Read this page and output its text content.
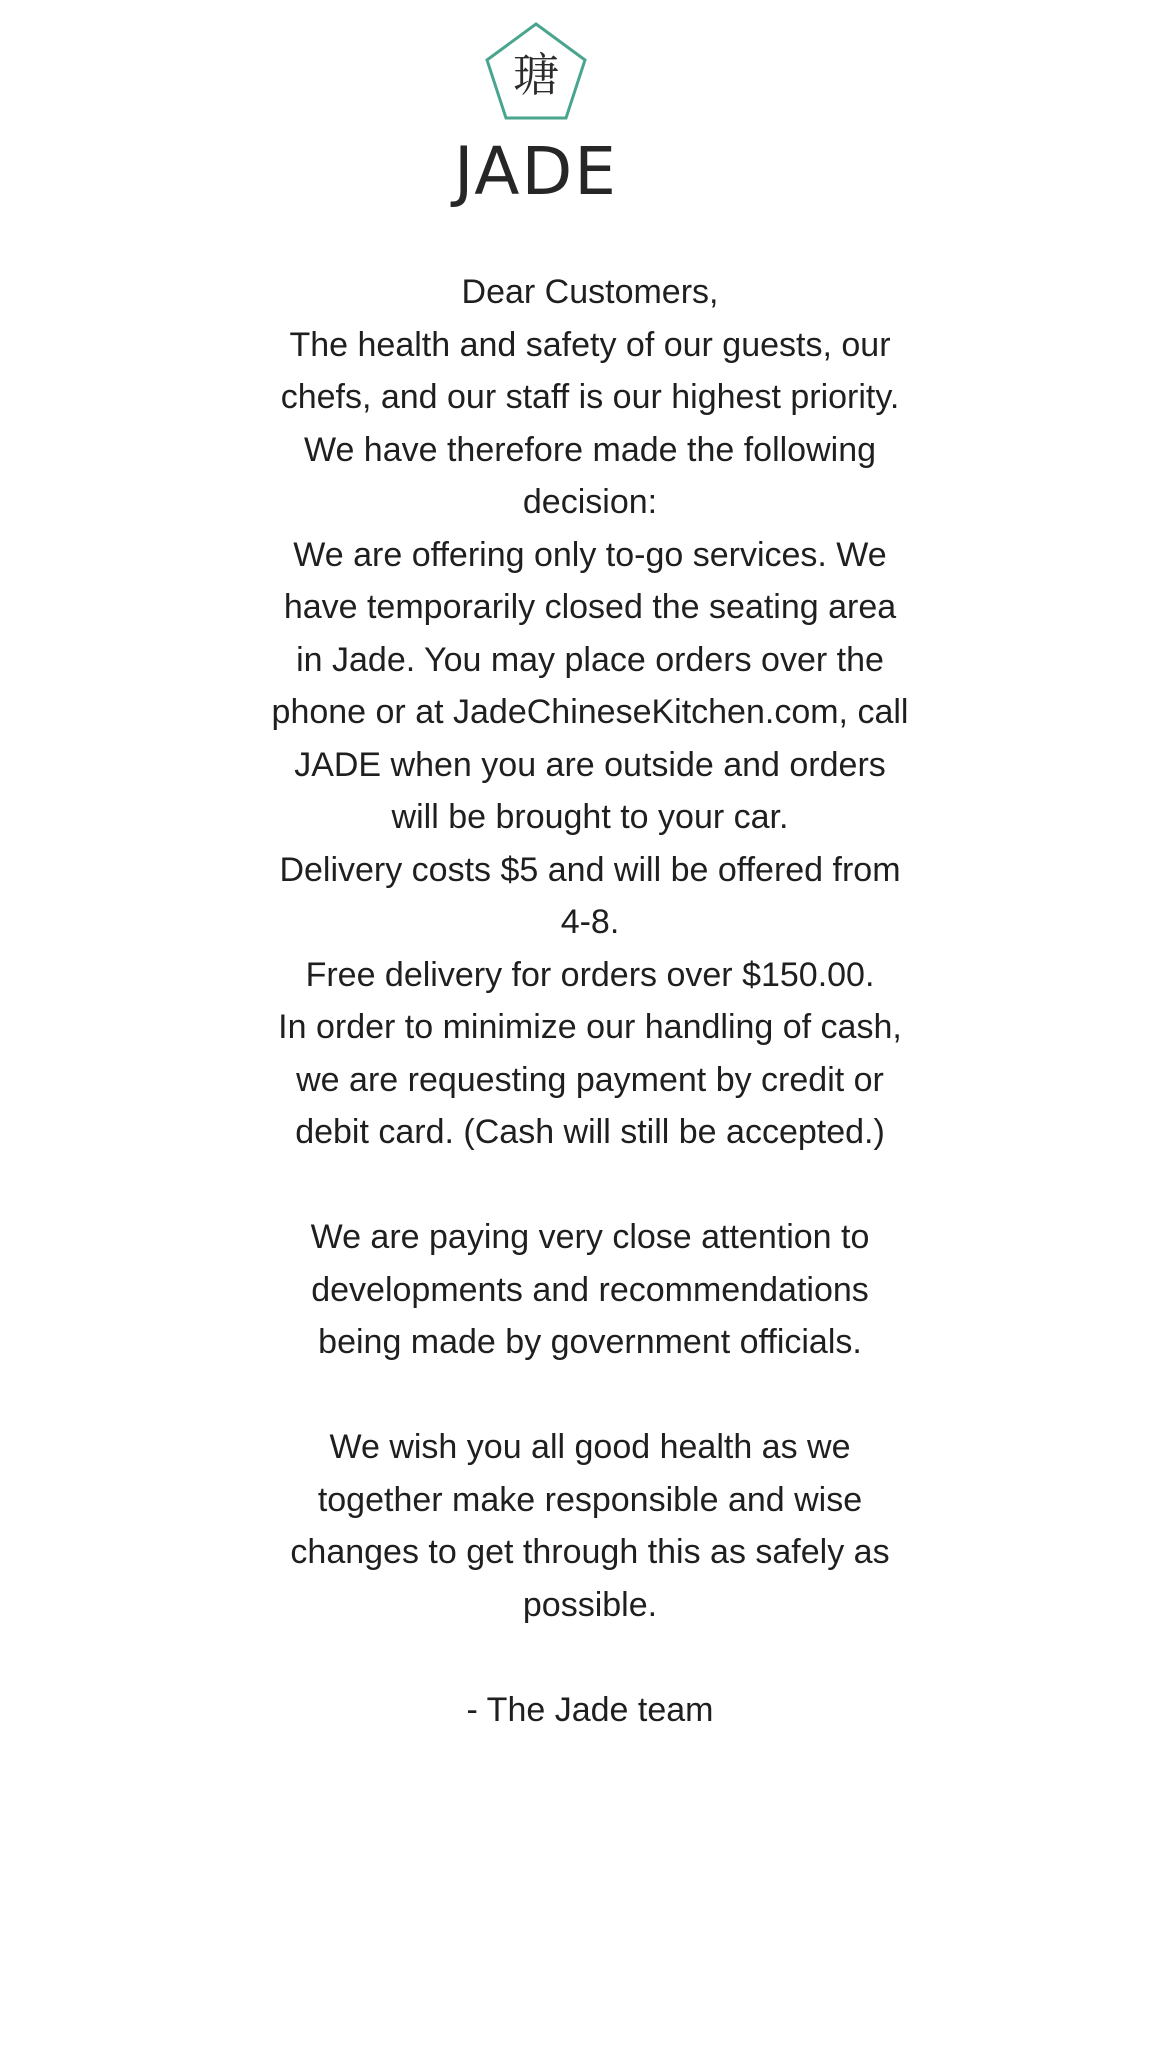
瑭
JADE

Dear Customers,

The health and safety of our guests, our chefs, and our staff is our highest priority. We have therefore made the following decision:

We are offering only to-go services. We have temporarily closed the seating area in Jade. You may place orders over the phone or at JadeChineseKitchen.com, call JADE when you are outside and orders will be brought to your car.

Delivery costs $5 and will be offered from 4-8.

Free delivery for orders over $150.00.

In order to minimize our handling of cash, we are requesting payment by credit or debit card. (Cash will still be accepted.)

We are paying very close attention to developments and recommendations being made by government officials.

We wish you all good health as we together make responsible and wise changes to get through this as safely as possible.

- The Jade team
